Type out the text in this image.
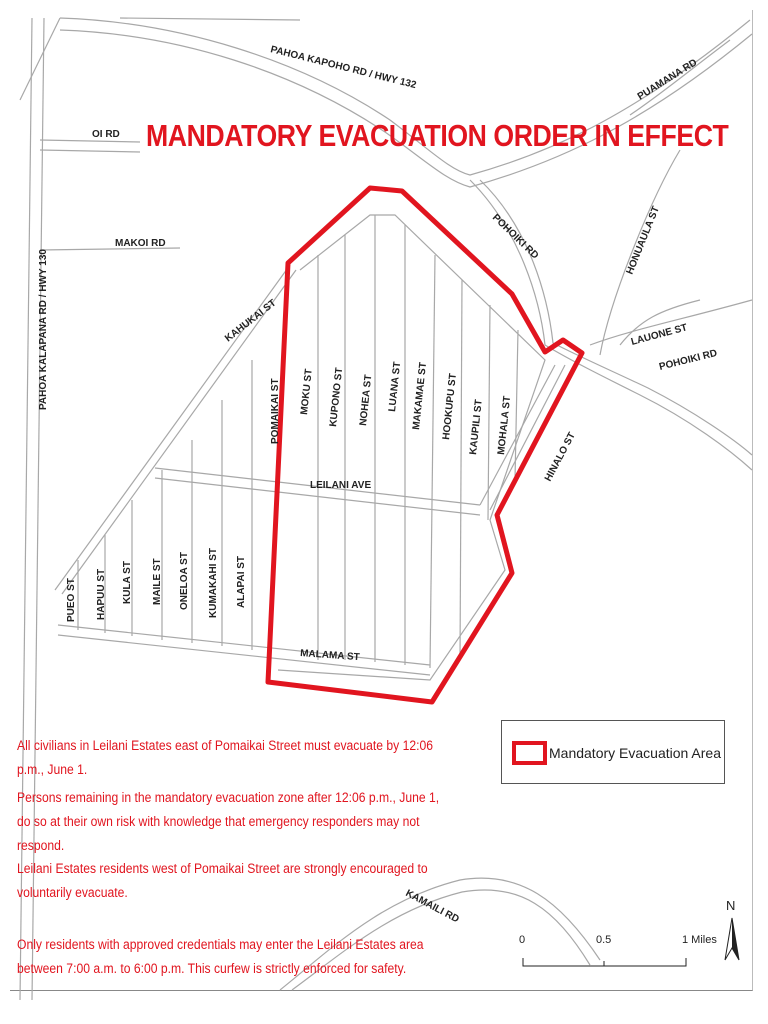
PAHOA KAPOHO RD / HWY 132	PUAMANA RD
OI RD
PAHOA KALAPANA RD / HWY 130
MAKOI RD	POHOIKI RD	HONUAULA ST
LAUONE ST
POHOIKI RD
KAHUKAI ST
HINALO ST
LEILANI AVE
MALAMA ST
KAMAILI RD
POMAIKAI ST MOKU ST KUPONO ST NOHEA ST LUANA ST MAKAMAE ST HOOKUPU ST KAUPILI ST MOHALA ST
PUEO ST HAPUU ST KULA ST MAILE ST ONELOA ST KUMAKAHI ST ALAPAI ST
MANDATORY EVACUATION ORDER IN EFFECT
All civilians in Leilani Estates east of Pomaikai Street must evacuate by 12:06 p.m., June 1.
Persons remaining in the mandatory evacuation zone after 12:06 p.m., June 1, do so at their own risk with knowledge that emergency responders may not respond.
Leilani Estates residents west of Pomaikai Street are strongly encouraged to voluntarily evacuate.
Only residents with approved credentials may enter the Leilani Estates area between 7:00 a.m. to 6:00 p.m. This curfew is strictly enforced for safety.
Mandatory Evacuation Area
0	0.5	1 Miles
N
